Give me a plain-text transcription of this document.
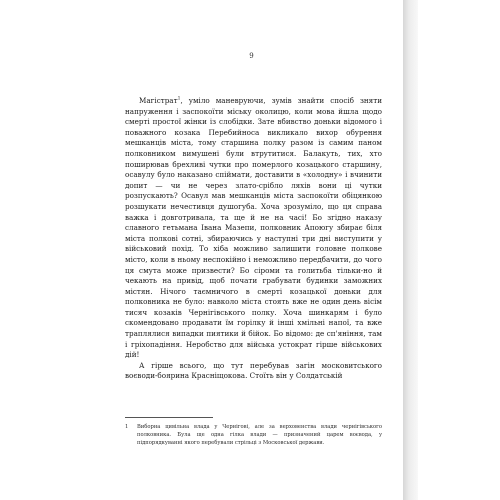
9

Магістрат$^1$, уміло маневруючи, зумів знайти спосіб зняти напруження і заспокоїти міську околицю, коли мова йшла щодо смерті простої жінки із слобідки. Зате вбивство доньки відомого і поважного козака Перебийноса викликало вихор обурення мешканців міста, тому старшина полку разом із самим паном полковником вимушені були втрутитися. Балакуть, тих, хто поширював брехливі чутки про померлого козацького старшину, осавулу було наказано спіймати, доставити в «холодну» і вчинити допит — чи не через злато-срібло ляхів вони ці чутки розпускають? Осавул мав мешканців міста заспокоїти обіцянкою розшукати нечестивця душогуба. Хоча зрозуміло, що ця справа важка і довготривала, та ще й не на часі! Бо згідно наказу славного гетьмана Івана Мазепи, полковник Апоюгу збирає біля міста полкові сотні, збираючись у наступні три дні виступити у військовий похід. То хіба можливо залишити головне полкове місто, коли в ньому неспокійно і неможливо передбачити, до чого ця смута може призвести? Бо сіроми та голитьба тільки-но й чекають на привід, щоб почати грабувати будинки заможних містян. Нічого таємничого в смерті козацької доньки для полковника не було: навколо міста стоять вже не один день вісім тисяч козаків Чернігівського полку. Хоча шинкарям і було скомендовано продавати їм горілку й інші хмільні напої, та вже траплялися випадки пиятики й бійок. Бо відомо: де сп'яніння, там і гріхопадіння. Неробство для війська устократ гірше військових дій!

А гірше всього, що тут перебував загін московитського воєводи-боярина Красніщокова. Стоїть він у Солдатській

1	Виборна цивільна влада у Чернігові, але за верховенства влади чернігівського полковника. Була ще одна гілка влади — призначений царем воєвода, у підпорядкуванні якого перебували стрільці з Московської держави.
